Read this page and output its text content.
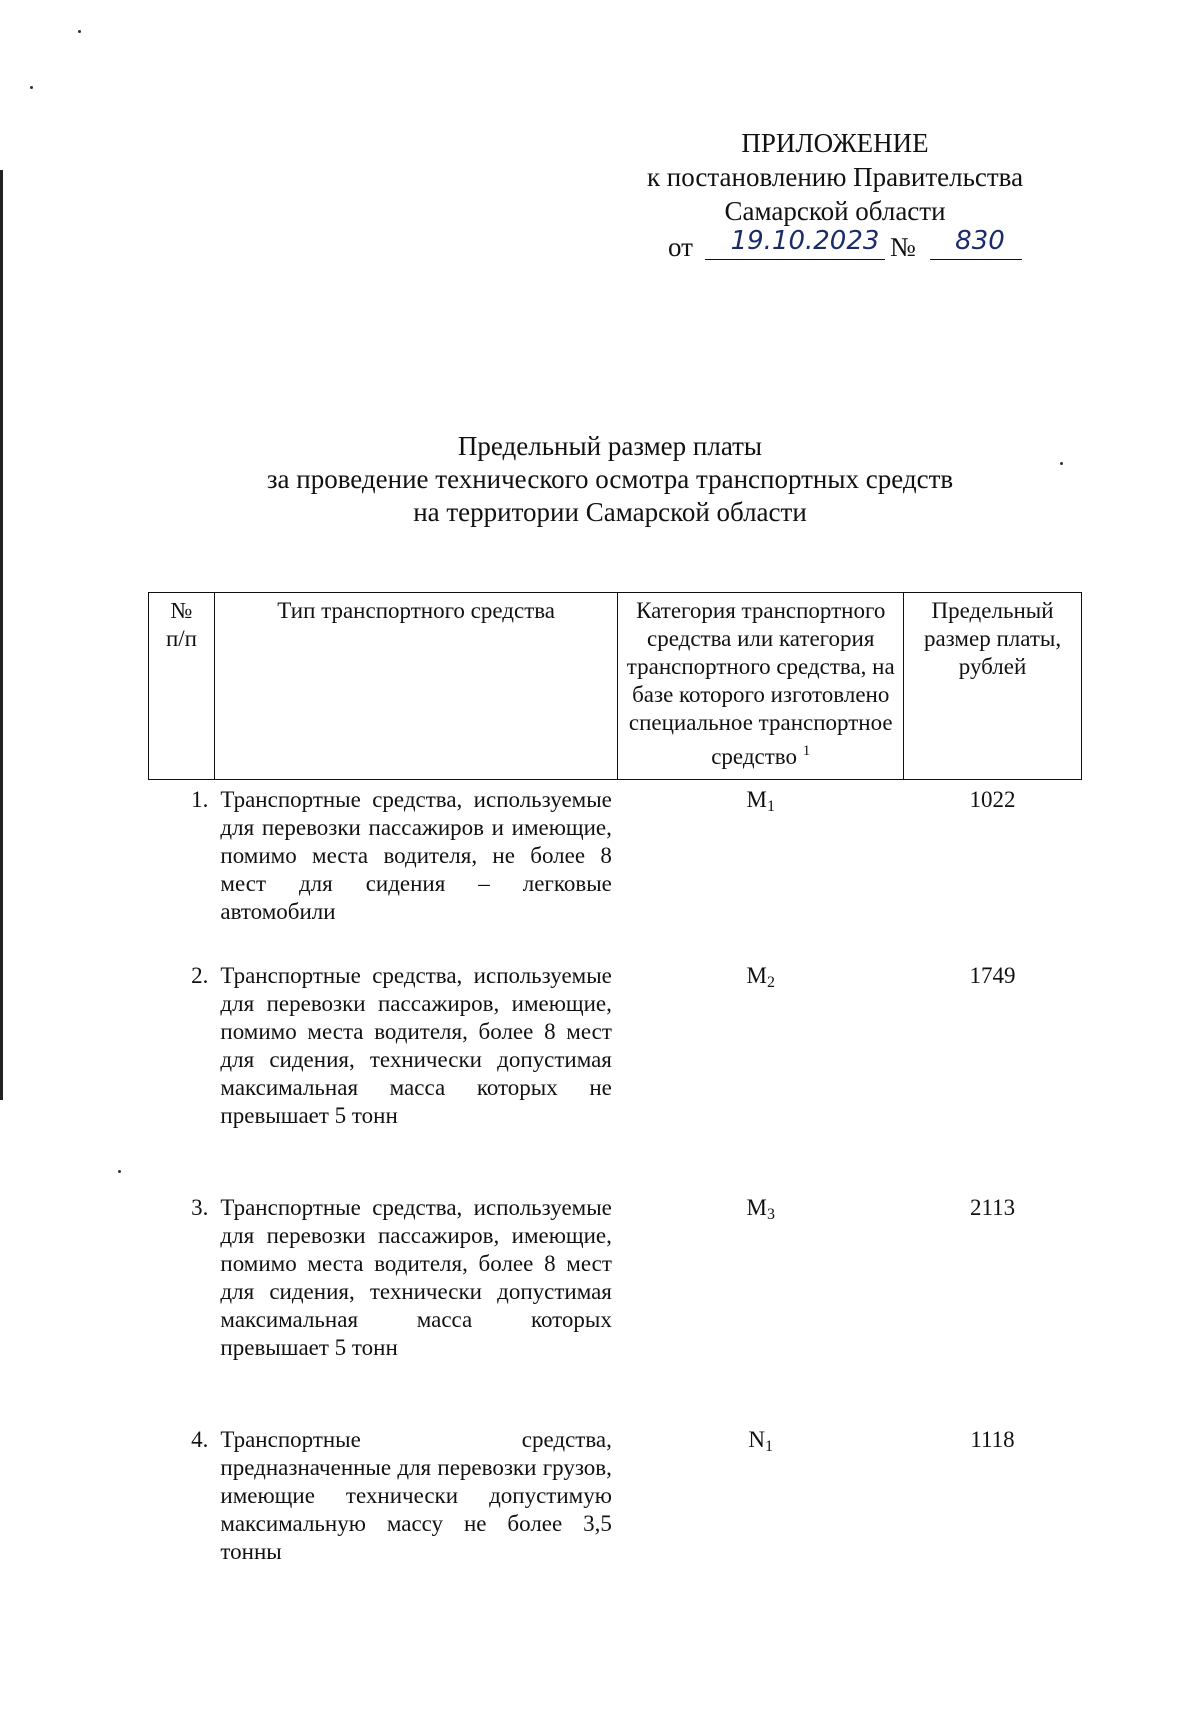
ПРИЛОЖЕНИЕ
к постановлению Правительства
Самарской области
от	19.10.2023 №	830
Предельный размер платы
за проведение технического осмотра транспортных средств
на территории Самарской области
№
п/п	Тип транспортного средства	Категория транспортного средства или категория транспортного средства, на базе которого изготовлено специальное транспортное средство $^1$	Предельный размер платы, рублей
1.	Транспортные средства, используемые для перевозки пассажиров и имеющие, помимо места водителя, не более 8 мест для сидения – легковые автомобили	$M_1$	1022
2.	Транспортные средства, используемые для перевозки пассажиров, имеющие, помимо места водителя, более 8 мест для сидения, технически допустимая максимальная масса которых не превышает 5 тонн	$M_2$	1749
3.	Транспортные средства, используемые для перевозки пассажиров, имеющие, помимо места водителя, более 8 мест для сидения, технически допустимая максимальная масса которых превышает 5 тонн	$M_3$	2113
4.	Транспортные средства, предназначенные для перевозки грузов, имеющие технически допустимую максимальную массу не более 3,5 тонны	$N_1$	1118
